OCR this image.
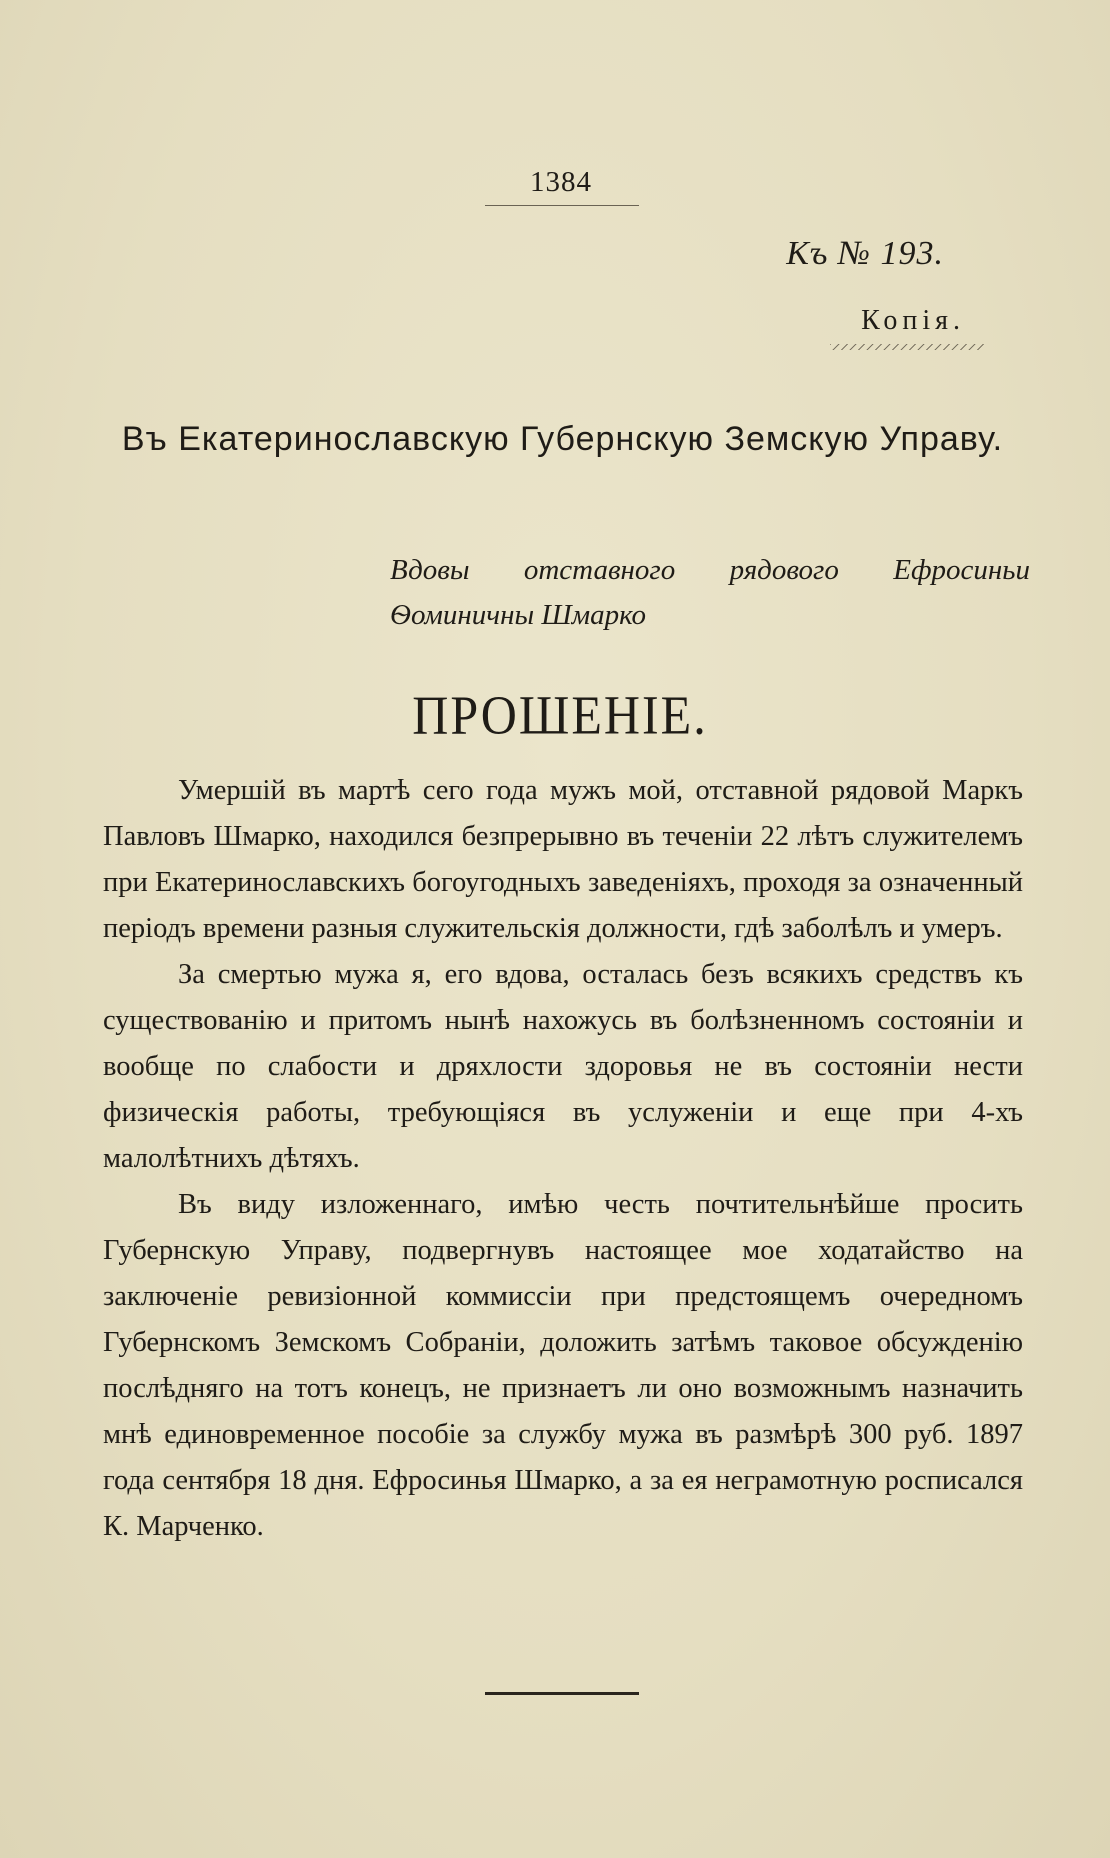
1384
Къ № 193.
Копія.
Въ Екатеринославскую Губернскую Земскую Управу.
Вдовы отставного рядового Ефросиньи Ѳоминичны Шмарко
ПРОШЕНІЕ.

Умершій въ мартѣ сего года мужъ мой, отставной рядовой Маркъ Павловъ Шмарко, находился безпрерывно въ теченіи 22 лѣтъ служителемъ при Екатеринославскихъ богоугодныхъ заведеніяхъ, проходя за означенный періодъ времени разныя служительскія должности, гдѣ заболѣлъ и умеръ.

За смертью мужа я, его вдова, осталась безъ всякихъ средствъ къ существованію и притомъ нынѣ нахожусь въ болѣзненномъ состояніи и вообще по слабости и дряхлости здоровья не въ состояніи нести физическія работы, требующіяся въ услуженіи и еще при 4-хъ малолѣтнихъ дѣтяхъ.

Въ виду изложеннаго, имѣю честь почтительнѣйше просить Губернскую Управу, подвергнувъ настоящее мое ходатайство на заключеніе ревизіонной коммиссіи при предстоящемъ очередномъ Губернскомъ Земскомъ Собраніи, доложить затѣмъ таковое обсужденію послѣдняго на тотъ конецъ, не признаетъ ли оно возможнымъ назначить мнѣ единовременное пособіе за службу мужа въ размѣрѣ 300 руб. 1897 года сентября 18 дня. Ефросинья Шмарко, а за ея неграмотную росписался К. Марченко.
